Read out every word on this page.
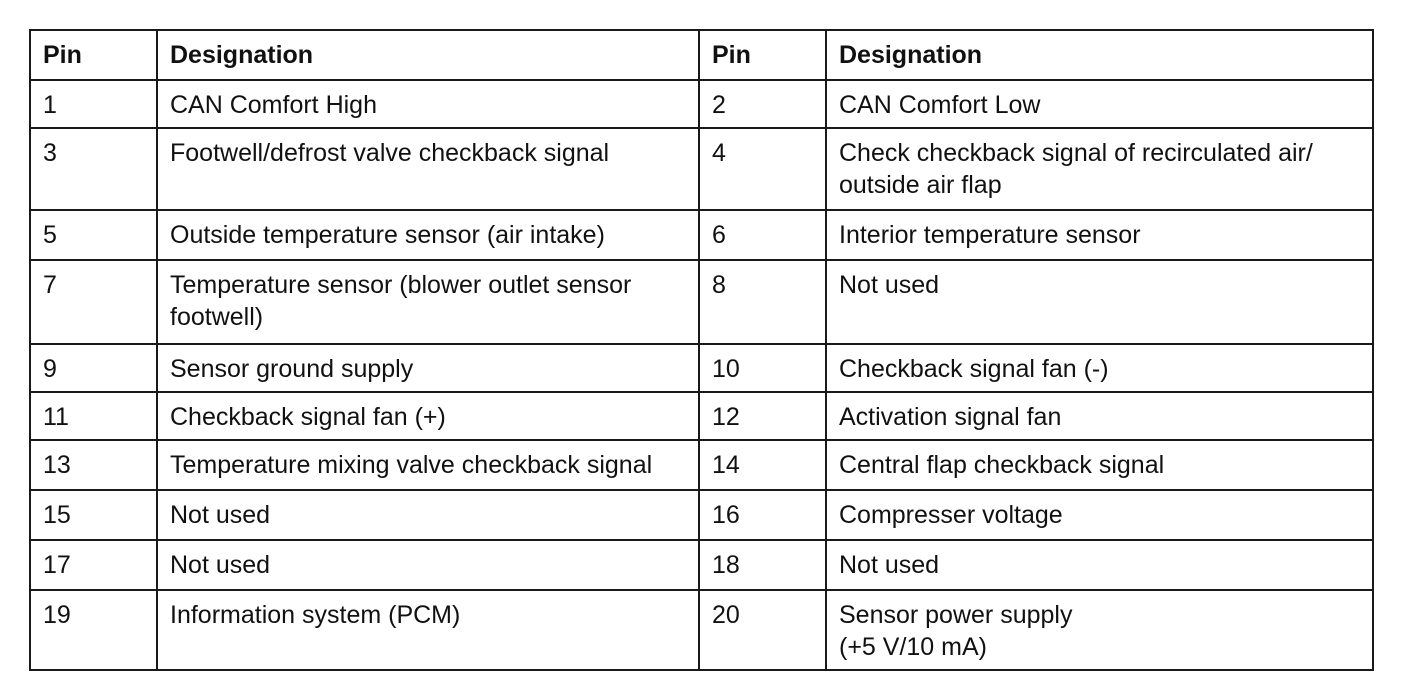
Pin	Designation	Pin	Designation

1	CAN Comfort High	2	CAN Comfort Low

3	Footwell/defrost valve checkback signal	4	Check checkback signal of recirculated air/
outside air flap

5	Outside temperature sensor (air intake)	6	Interior temperature sensor

7	Temperature sensor (blower outlet sensor
footwell)	8	Not used

9	Sensor ground supply	10	Checkback signal fan (-)

11	Checkback signal fan (+)	12	Activation signal fan

13	Temperature mixing valve checkback signal	14	Central flap checkback signal

15	Not used	16	Compresser voltage

17	Not used	18	Not used

19	Information system (PCM)	20	Sensor power supply
(+5 V/10 mA)
